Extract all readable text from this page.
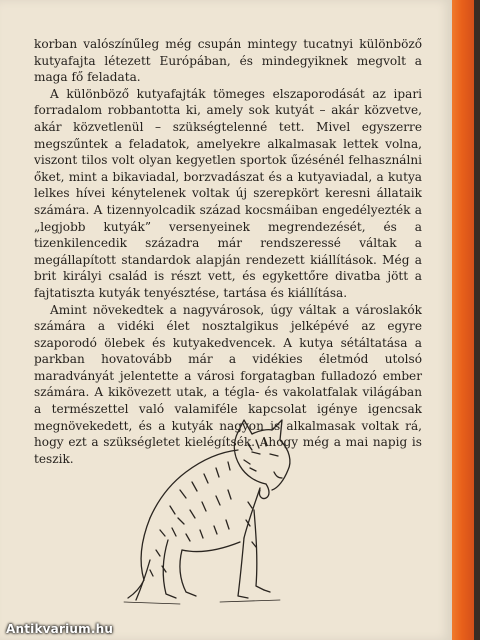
korban valószínűleg még csupán mintegy tucatnyi különböző kutyafajta létezett Európában, és mindegyiknek megvolt a maga fő feladata.

A különböző kutyafajták tömeges elszaporodását az ipari forradalom robbantotta ki, amely sok kutyát – akár közvetve, akár közvetlenül – szükségtelenné tett. Mivel egyszerre megszűntek a feladatok, amelyekre alkalmasak lettek volna, viszont tilos volt olyan kegyetlen sportok űzésénél felhasználni őket, mint a bikaviadal, borzvadászat és a kutyaviadal, a kutya lelkes hívei kénytelenek voltak új szerepkört keresni állataik számára. A tizennyolcadik század kocsmáiban engedélyezték a „legjobb kutyák” versenyeinek megrendezését, és a tizenkilencedik századra már rendszeressé váltak a megállapított standardok alapján rendezett kiállítások. Még a brit királyi család is részt vett, és egykettőre divatba jött a fajtatiszta kutyák tenyésztése, tartása és kiállítása.

Amint növekedtek a nagyvárosok, úgy váltak a városlakók számára a vidéki élet nosztalgikus jelképévé az egyre szaporodó ölebek és kutyakedvencek. A kutya sétáltatása a parkban hovatovább már a vidékies életmód utolsó maradványát jelentette a városi forgatagban fulladozó ember számára. A kikövezett utak, a tégla- és vakolatfalak világában a természettel való valamiféle kapcsolat igénye igencsak megnövekedett, és a kutyák nagyon is alkalmasak voltak rá, hogy ezt a szükségletet kielégítsék. Ahogy még a mai napig is teszik.

Antikvarium.hu
